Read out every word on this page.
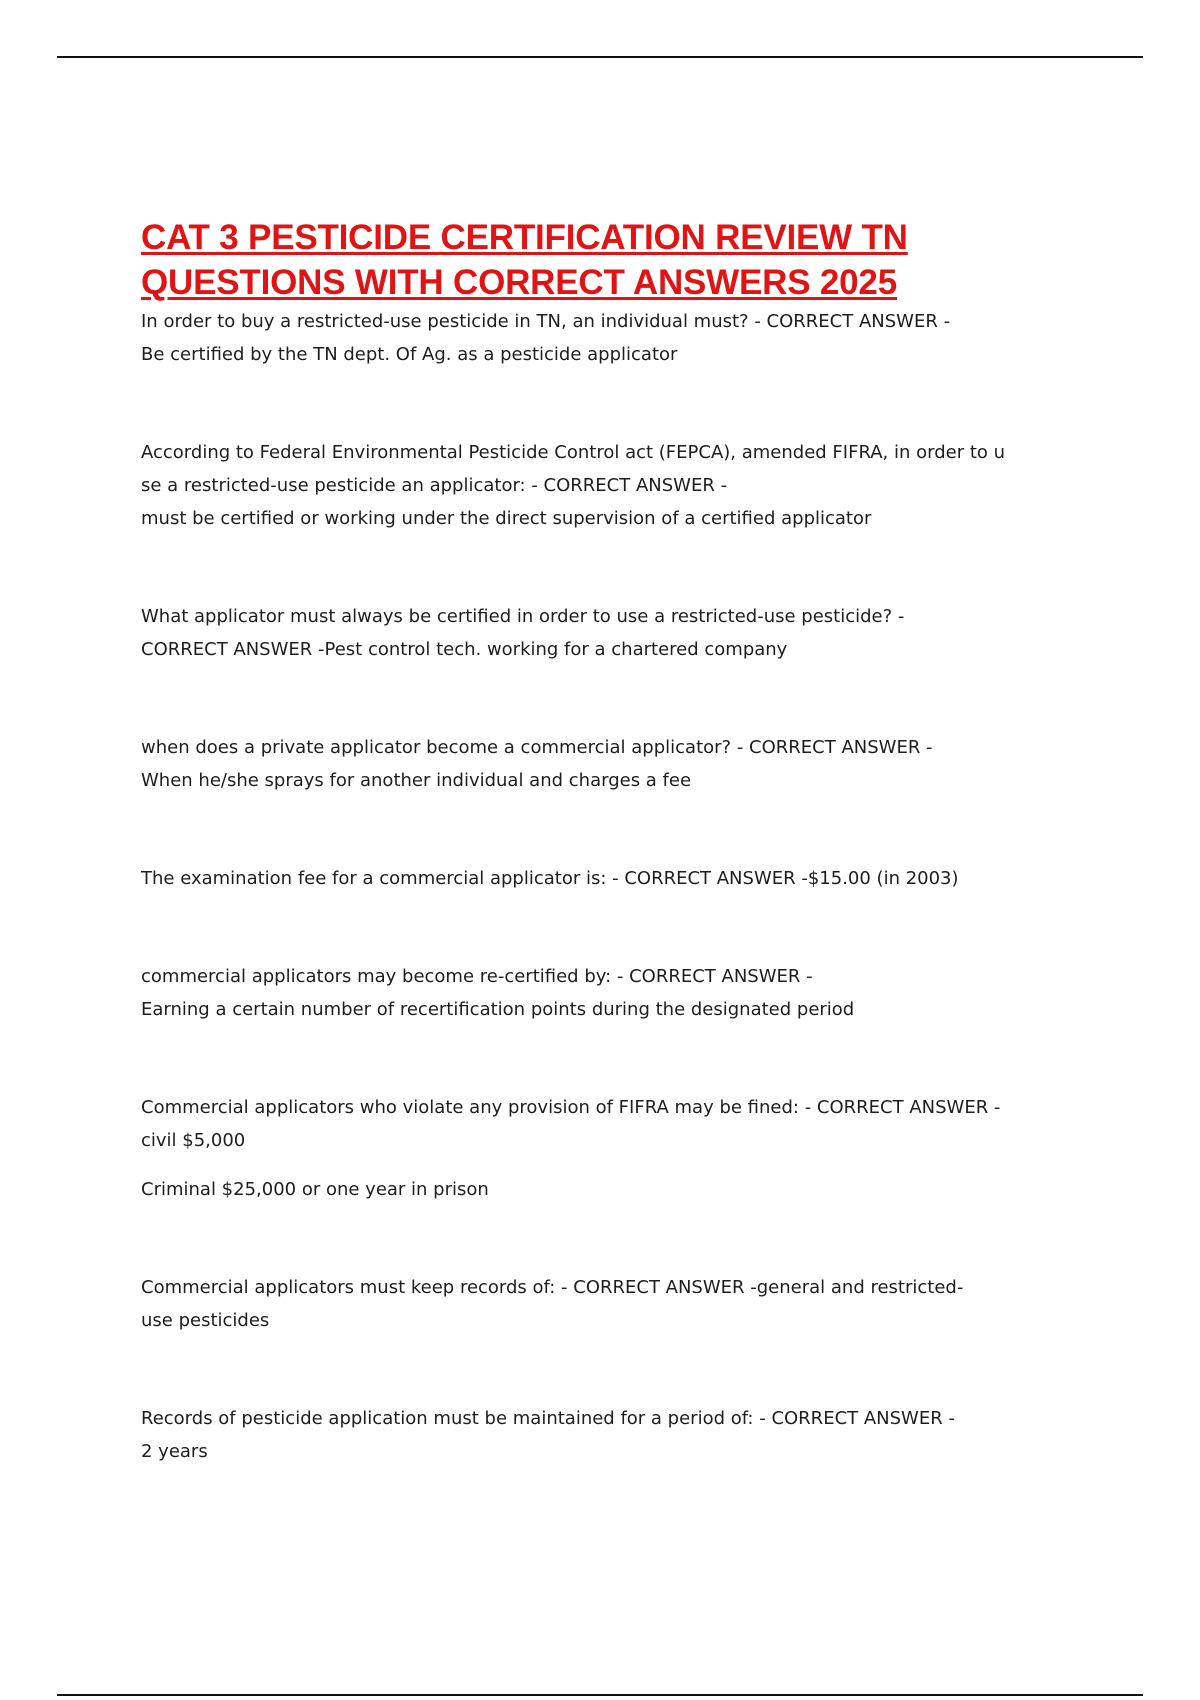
CAT 3 PESTICIDE CERTIFICATION REVIEW TN
QUESTIONS WITH CORRECT ANSWERS 2025

In order to buy a restricted-use pesticide in TN, an individual must? - CORRECT ANSWER -
Be certified by the TN dept. Of Ag. as a pesticide applicator

According to Federal Environmental Pesticide Control act (FEPCA), amended FIFRA, in order to u
se a restricted-use pesticide an applicator: - CORRECT ANSWER -
must be certified or working under the direct supervision of a certified applicator

What applicator must always be certified in order to use a restricted-use pesticide? -
CORRECT ANSWER -Pest control tech. working for a chartered company

when does a private applicator become a commercial applicator? - CORRECT ANSWER -
When he/she sprays for another individual and charges a fee

The examination fee for a commercial applicator is: - CORRECT ANSWER -$15.00 (in 2003)

commercial applicators may become re-certified by: - CORRECT ANSWER -
Earning a certain number of recertification points during the designated period

Commercial applicators who violate any provision of FIFRA may be fined: - CORRECT ANSWER -
civil $5,000

Criminal $25,000 or one year in prison

Commercial applicators must keep records of: - CORRECT ANSWER -general and restricted-
use pesticides

Records of pesticide application must be maintained for a period of: - CORRECT ANSWER -
2 years
